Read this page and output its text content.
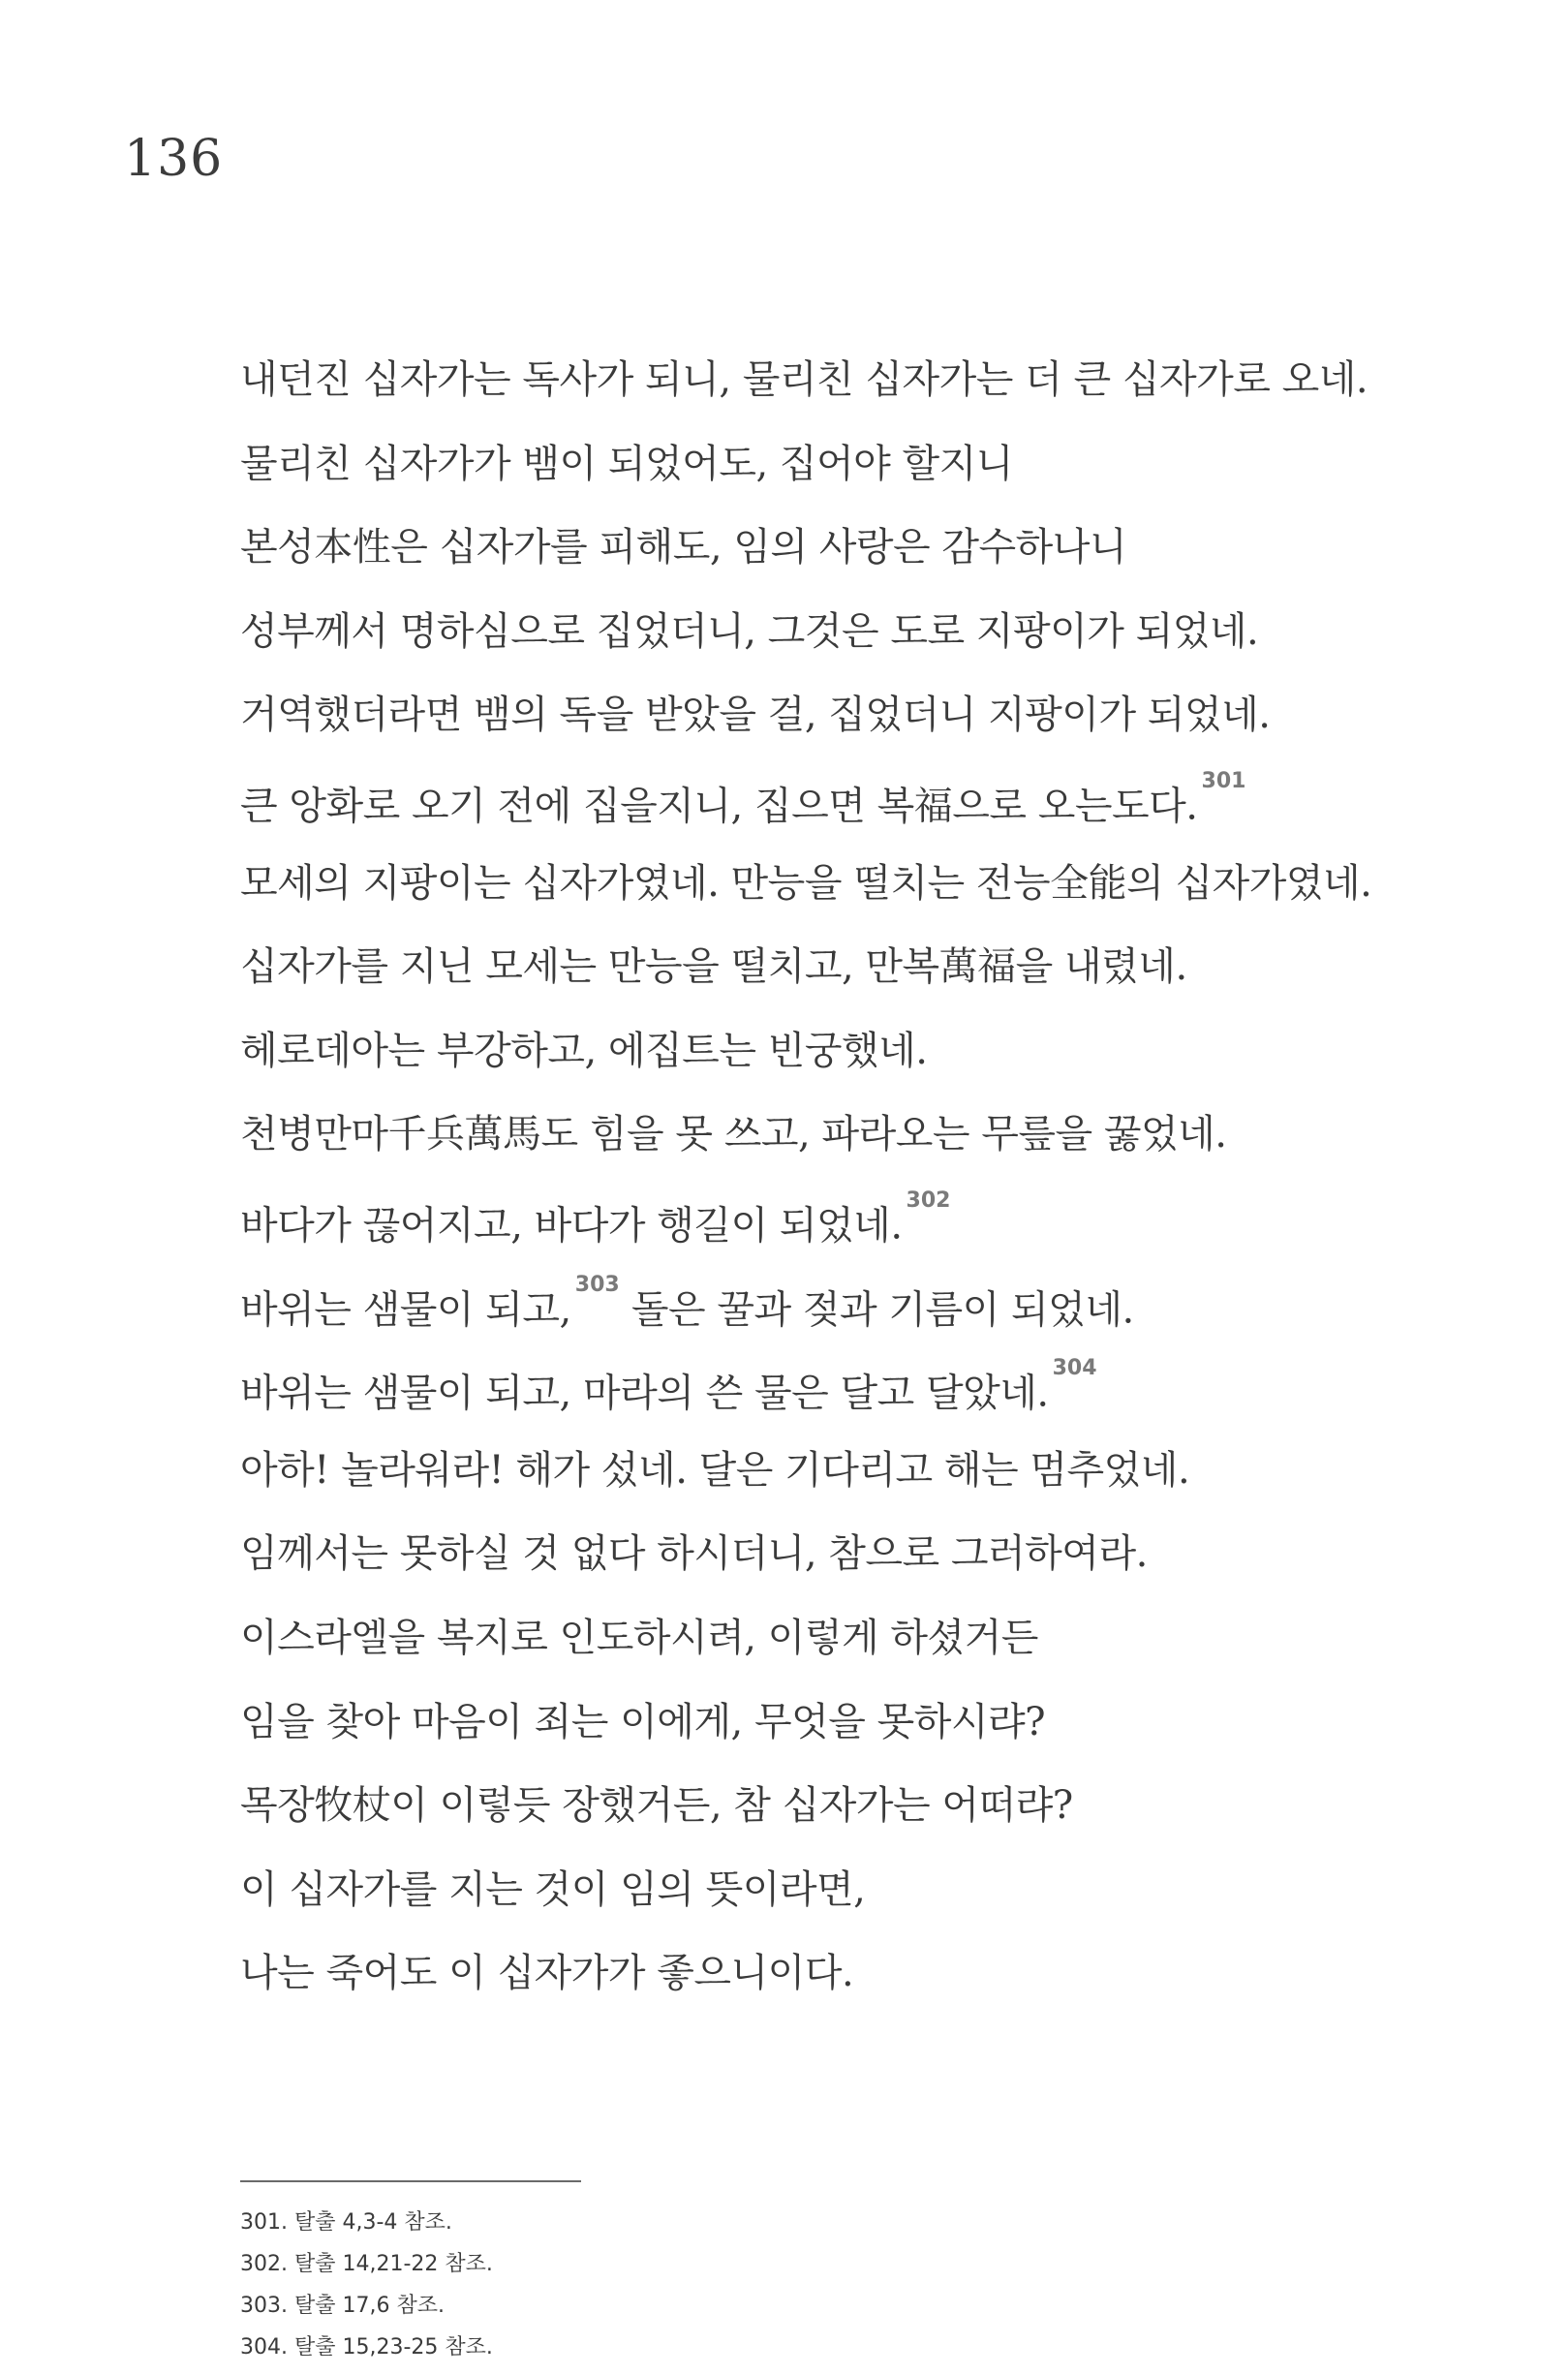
136
내던진 십자가는 독사가 되니, 물리친 십자가는 더 큰 십자가로 오네.
물리친 십자가가 뱀이 되었어도, 집어야 할지니
본성本性은 십자가를 피해도, 임의 사랑은 감수하나니
성부께서 명하심으로 집었더니, 그것은 도로 지팡이가 되었네.
거역했더라면 뱀의 독을 받았을 걸, 집었더니 지팡이가 되었네.
큰 앙화로 오기 전에 집을지니, 집으면 복福으로 오는도다.$^{301}$
모세의 지팡이는 십자가였네. 만능을 떨치는 전능全能의 십자가였네.
십자가를 지닌 모세는 만능을 떨치고, 만복萬福을 내렸네.
헤로데아는 부강하고, 에집트는 빈궁했네.
천병만마千兵萬馬도 힘을 못 쓰고, 파라오는 무릎을 꿇었네.
바다가 끊어지고, 바다가 행길이 되었네.$^{302}$
바위는 샘물이 되고,$^{303}$ 돌은 꿀과 젖과 기름이 되었네.
바위는 샘물이 되고, 마라의 쓴 물은 달고 달았네.$^{304}$
아하! 놀라워라! 해가 섰네. 달은 기다리고 해는 멈추었네.
임께서는 못하실 것 없다 하시더니, 참으로 그러하여라.
이스라엘을 복지로 인도하시려, 이렇게 하셨거든
임을 찾아 마음이 죄는 이에게, 무엇을 못하시랴?
목장牧杖이 이렇듯 장했거든, 참 십자가는 어떠랴?
이 십자가를 지는 것이 임의 뜻이라면,
나는 죽어도 이 십자가가 좋으니이다.
301. 탈출 4,3-4 참조.
302. 탈출 14,21-22 참조.
303. 탈출 17,6 참조.
304. 탈출 15,23-25 참조.
